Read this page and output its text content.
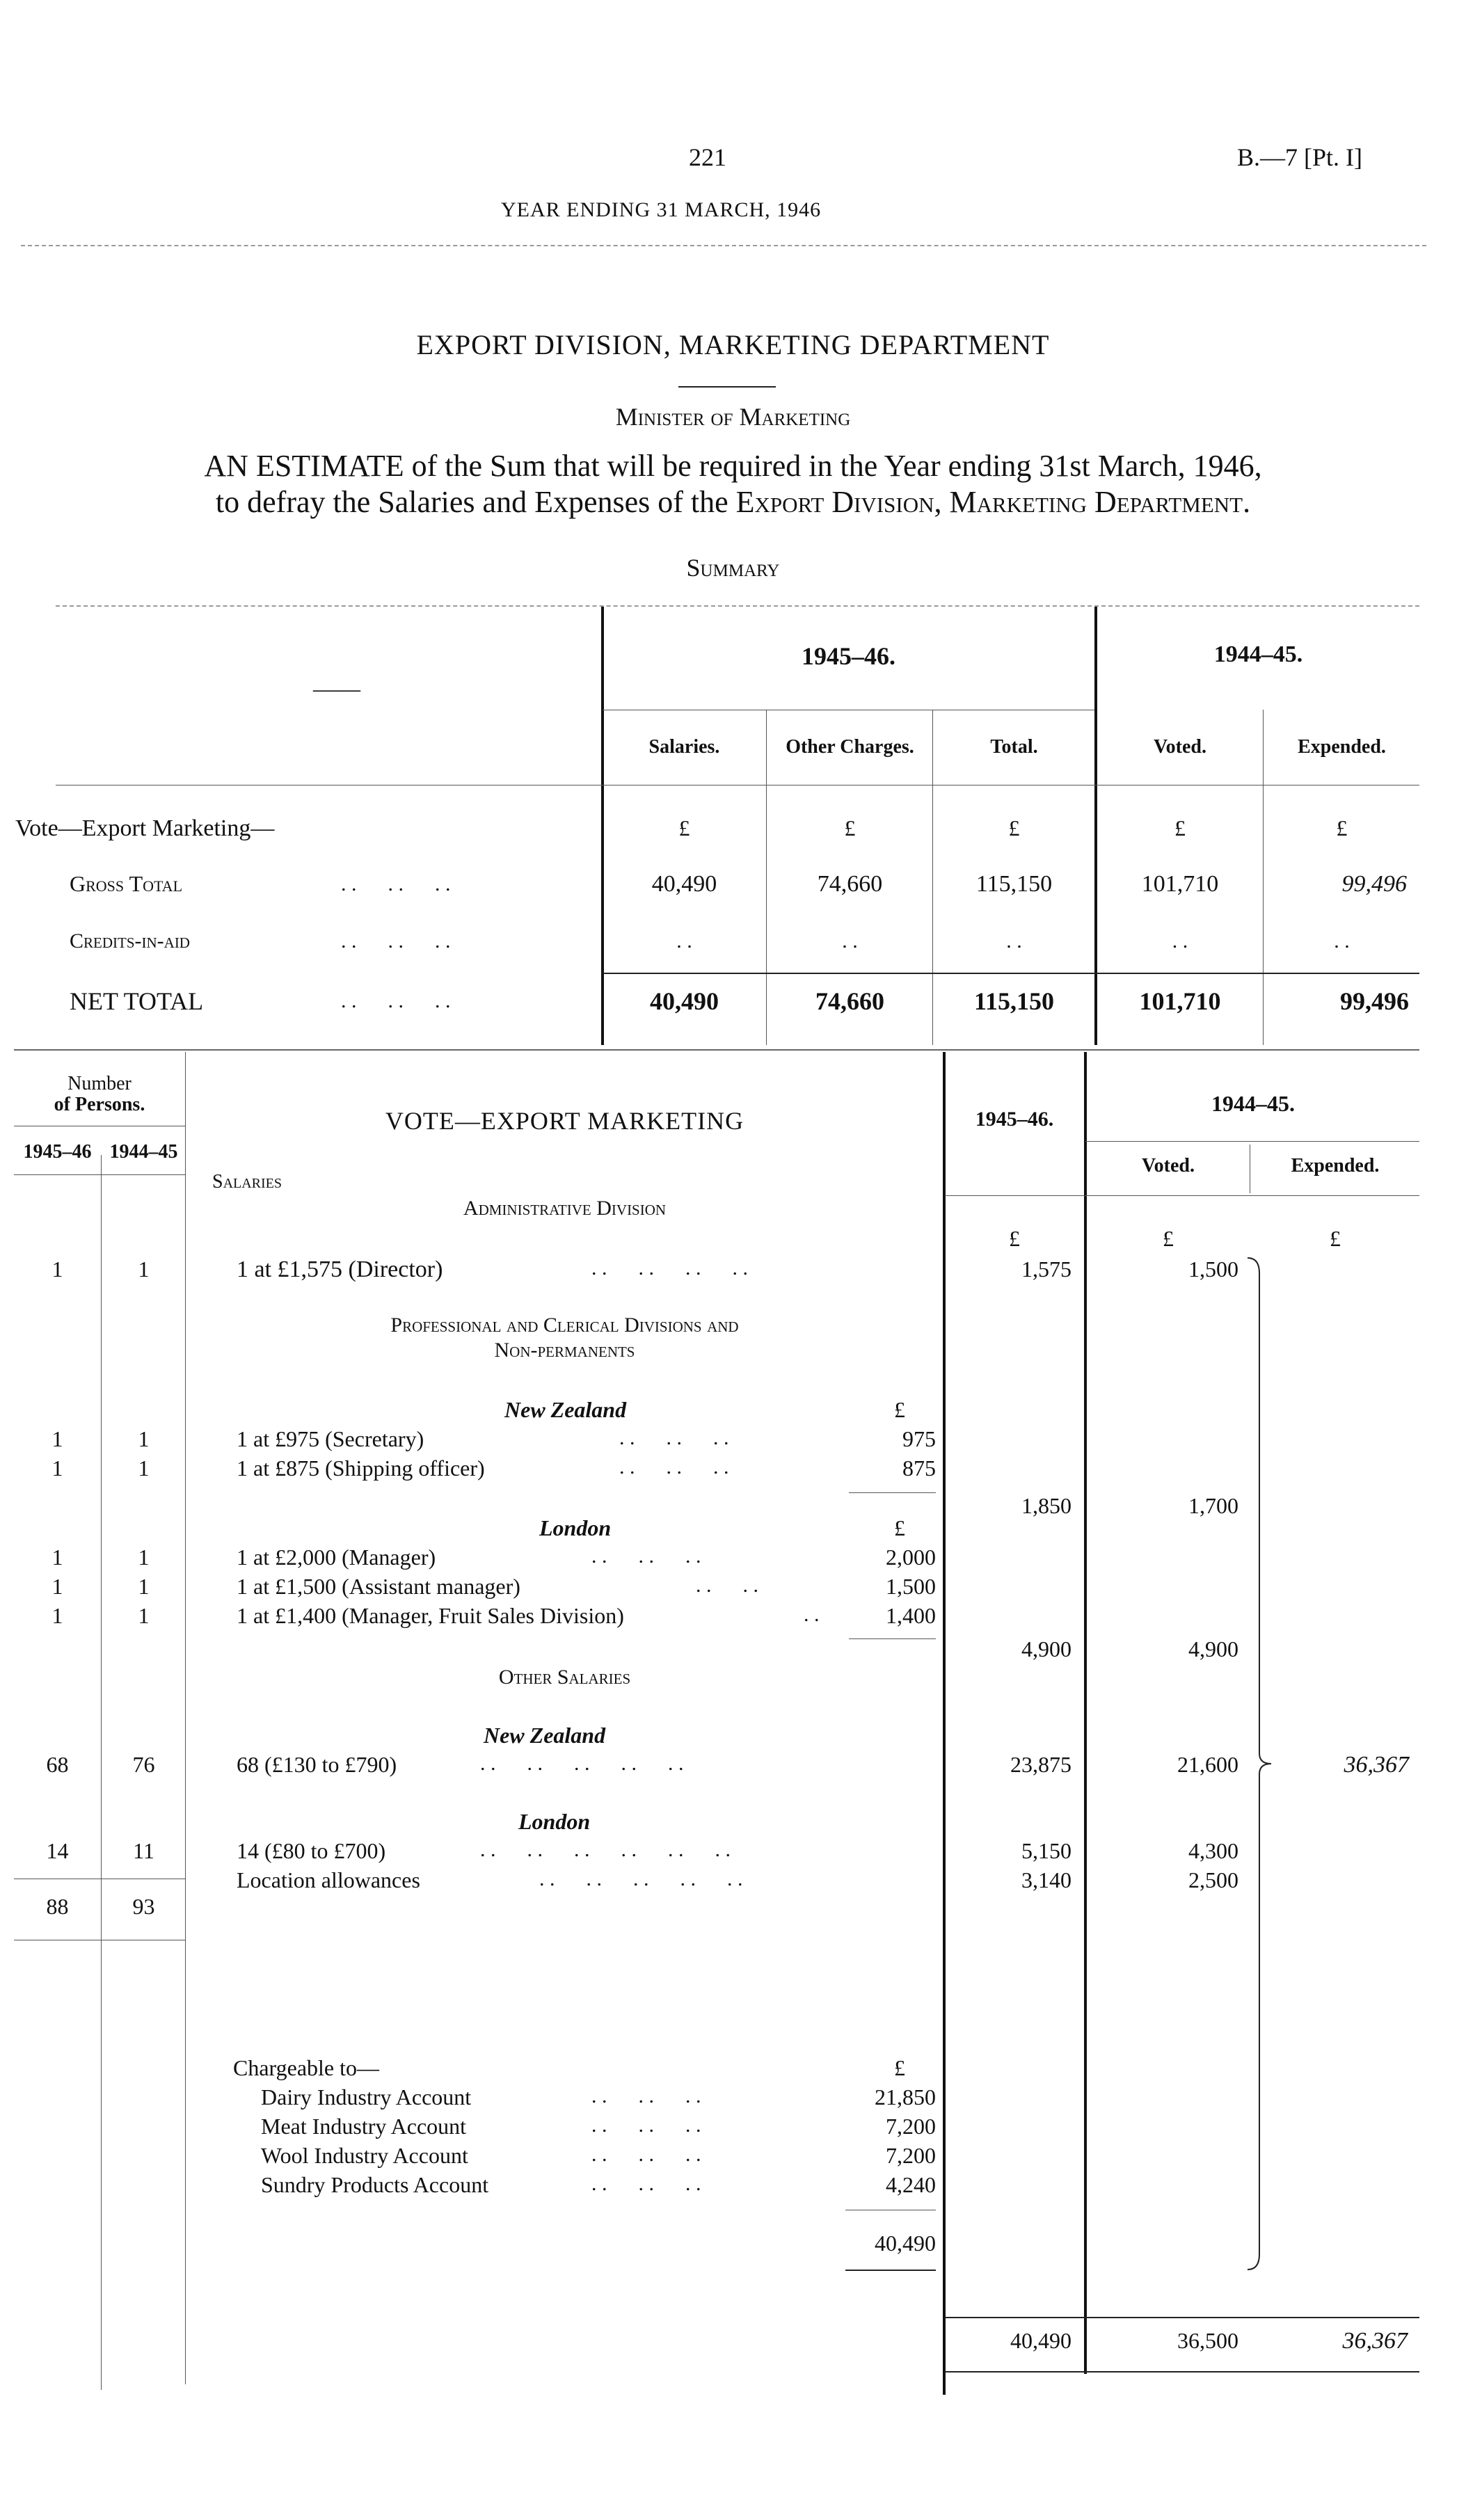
221	B.—7 [Pt. I]
YEAR ENDING 31 MARCH, 1946
EXPORT DIVISION, MARKETING DEPARTMENT
Minister of Marketing
AN ESTIMATE of the Sum that will be required in the Year ending 31st March, 1946,
to defray the Salaries and Expenses of the Export Division, Marketing Department.
Summary
——
1945–46.	1944–45.
Salaries.	Other Charges.	Total.	Voted.	Expended.
Vote—Export Marketing—	£	£	£	£	£
Gross Total	. .      . .      . .	40,490	74,660	115,150	101,710	99,496
Credits-in-aid	. .      . .      . .	. .	. .	. .	. .	. .
NET TOTAL	. .      . .      . .	40,490	74,660	115,150	101,710	99,496
Number
of Persons.
1945–46 1944–45
VOTE—EXPORT MARKETING	1945–46.
1944–45.
Voted.	Expended.
Salaries
Administrative Division
£	£	£
1	1	1 at £1,575 (Director)	. .      . .      . .      . .	1,575	1,500
Professional and Clerical Divisions and
Non-permanents
New Zealand	£
1	1	1 at £975 (Secretary)	. .      . .      . .	975
1	1	1 at £875 (Shipping officer)	. .      . .      . .	875
1,850	1,700
London	£
1	1	1 at £2,000 (Manager)	. .      . .      . .	2,000
1	1	1 at £1,500 (Assistant manager)	. .      . .	1,500
1	1	1 at £1,400 (Manager, Fruit Sales Division)	. .	1,400
4,900	4,900
Other Salaries
New Zealand
68	76	68 (£130 to £790)	. .      . .      . .      . .      . .	23,875	21,600	36,367
London
14	11	14 (£80 to £700)	. .      . .      . .      . .      . .      . .	5,150	4,300
Location allowances	. .      . .      . .      . .      . .	3,140	2,500
88	93
Chargeable to—	£
Dairy Industry Account	. .      . .      . .	21,850
Meat Industry Account	. .      . .      . .	7,200
Wool Industry Account	. .      . .      . .	7,200
Sundry Products Account	. .      . .      . .	4,240
40,490
40,490	36,500	36,367
